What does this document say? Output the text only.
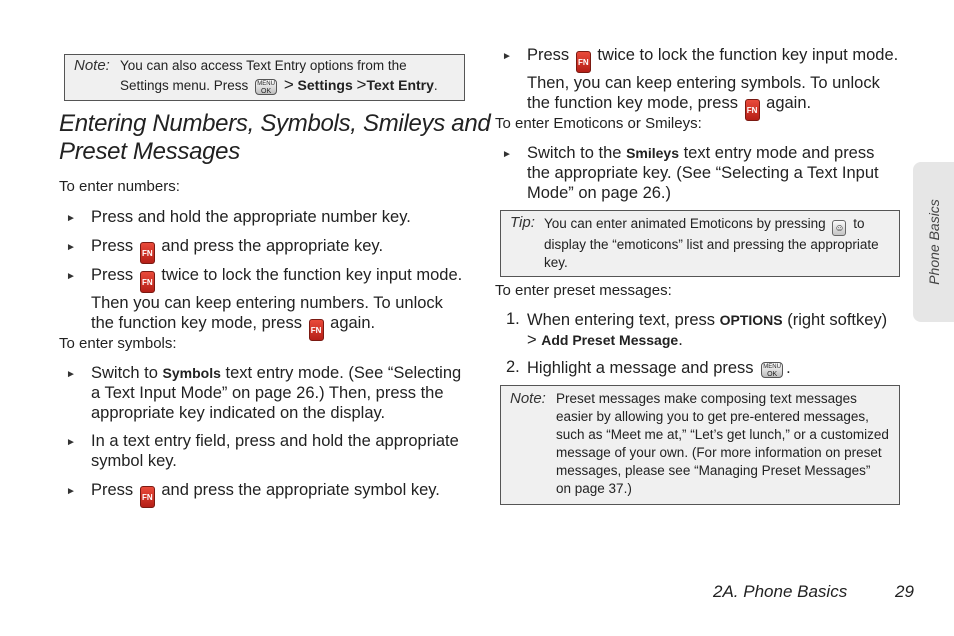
Note: You can also access Text Entry options from the
Settings menu. Press MENU
OK > Settings >Text Entry.
Entering Numbers, Symbols, Smileys and
Preset Messages
To enter numbers:
► Press and hold the appropriate number key.
► Press FN and press the appropriate key.
► Press FN twice to lock the function key input mode.
Then you can keep entering numbers. To unlock
the function key mode, press FN again.
To enter symbols:
► Switch to Symbols text entry mode. (See “Selecting
a Text Input Mode” on page 26.) Then, press the
appropriate key indicated on the display.
► In a text entry field, press and hold the appropriate
symbol key.
► Press FN and press the appropriate symbol key.
► Press FN twice to lock the function key input mode.
Then, you can keep entering symbols. To unlock
the function key mode, press FN again.
To enter Emoticons or Smileys:
► Switch to the Smileys text entry mode and press
the appropriate key. (See “Selecting a Text Input
Mode” on page 26.)
Tip: You can enter animated Emoticons by pressing ☺ to
display the “emoticons” list and pressing the appropriate
key.
To enter preset messages:
1. When entering text, press OPTIONS (right softkey)
> Add Preset Message.
2. Highlight a message and press MENU
OK .
Note: Preset messages make composing text messages
easier by allowing you to get pre-entered messages,
such as “Meet me at,” “Let’s get lunch,” or a customized
message of your own. (For more information on preset
messages, please see “Managing Preset Messages”
on page 37.)
Phone Basics
2A. Phone Basics	29
